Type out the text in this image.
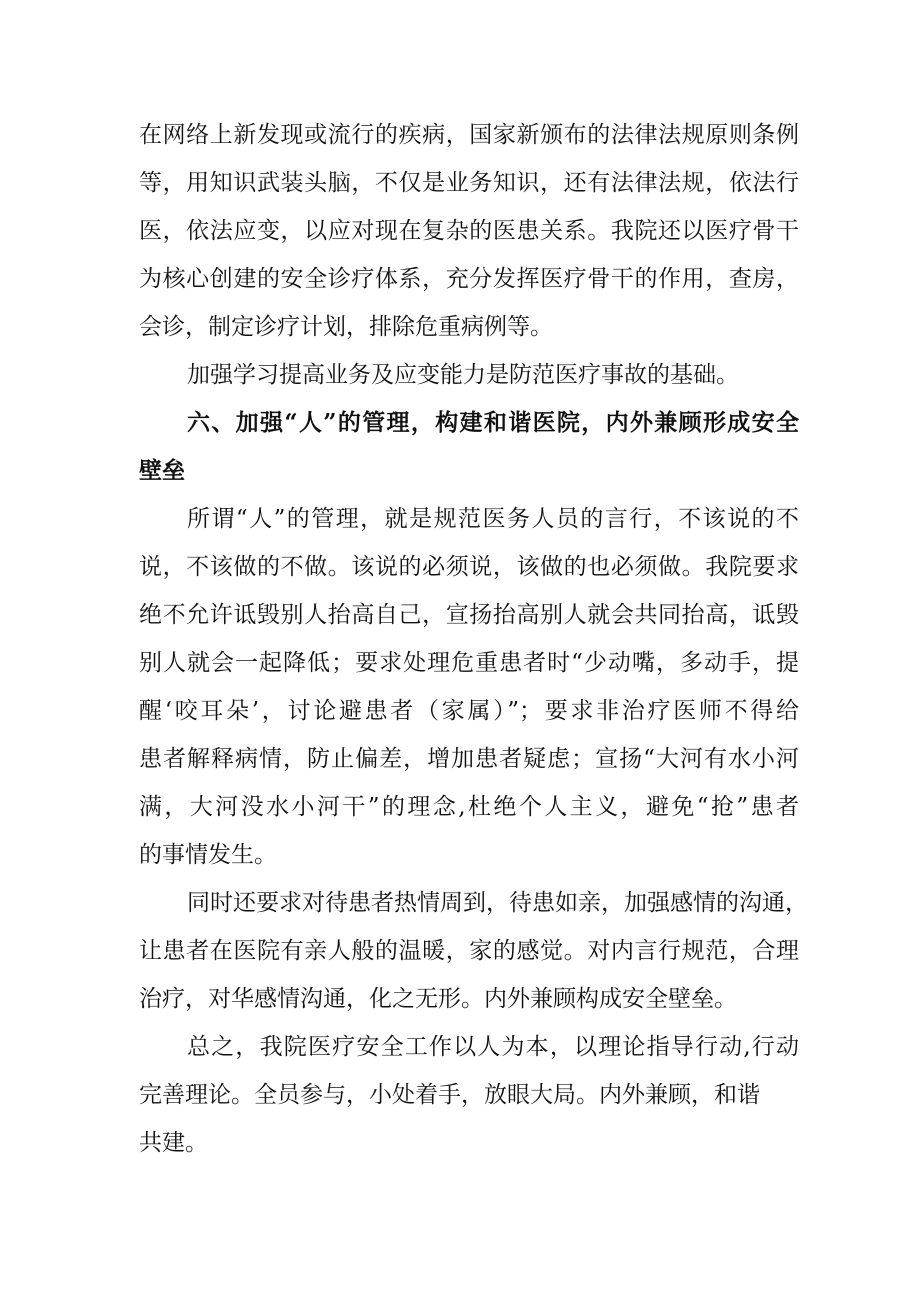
在网络上新发现或流行的疾病，国家新颁布的法律法规原则条例
等，用知识武装头脑，不仅是业务知识，还有法律法规，依法行
医，依法应变，以应对现在复杂的医患关系。我院还以医疗骨干
为核心创建的安全诊疗体系，充分发挥医疗骨干的作用，查房，
会诊，制定诊疗计划，排除危重病例等。
加强学习提高业务及应变能力是防范医疗事故的基础。
六、加强“人”的管理，构建和谐医院，内外兼顾形成安全
壁垒
所谓“人”的管理，就是规范医务人员的言行，不该说的不
说，不该做的不做。该说的必须说，该做的也必须做。我院要求
绝不允许诋毁别人抬高自己，宣扬抬高别人就会共同抬高，诋毁
别人就会一起降低；要求处理危重患者时“少动嘴，多动手，提
醒‘咬耳朵’，讨论避患者（家属）”；要求非治疗医师不得给
患者解释病情，防止偏差，增加患者疑虑；宣扬“大河有水小河
满，大河没水小河干”的理念,杜绝个人主义，避免“抢”患者
的事情发生。
同时还要求对待患者热情周到，待患如亲，加强感情的沟通，
让患者在医院有亲人般的温暖，家的感觉。对内言行规范，合理
治疗，对华感情沟通，化之无形。内外兼顾构成安全壁垒。
总之，我院医疗安全工作以人为本，以理论指导行动,行动
完善理论。全员参与，小处着手，放眼大局。内外兼顾，和谐
共建。
